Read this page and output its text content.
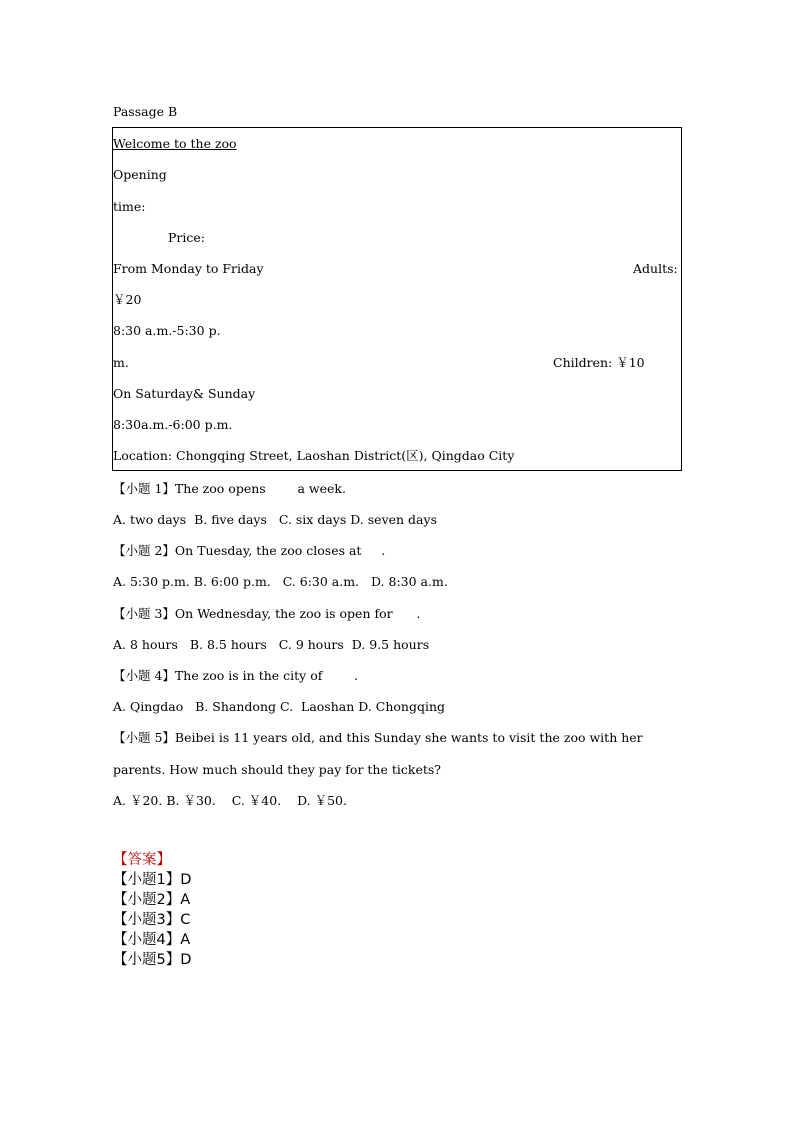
Passage B
Welcome to the zoo
Opening
time:
Price:
From Monday to Friday	Adults:
￥20
8:30 a.m.-5:30 p.
m.	Children: ￥10
On Saturday& Sunday
8:30a.m.-6:00 p.m.
Location: Chongqing Street, Laoshan District(区), Qingdao City
【小题 1】The zoo opens        a week.
A. two days  B. five days   C. six days D. seven days
【小题 2】On Tuesday, the zoo closes at     .
A. 5:30 p.m. B. 6:00 p.m.   C. 6:30 a.m.   D. 8:30 a.m.
【小题 3】On Wednesday, the zoo is open for      .
A. 8 hours   B. 8.5 hours   C. 9 hours  D. 9.5 hours
【小题 4】The zoo is in the city of        .
A. Qingdao   B. Shandong C.  Laoshan D. Chongqing
【小题 5】Beibei is 11 years old, and this Sunday she wants to visit the zoo with her
parents. How much should they pay for the tickets?
A. ￥20. B. ￥30.    C. ￥40.    D. ￥50.
【答案】
【小题1】D
【小题2】A
【小题3】C
【小题4】A
【小题5】D
